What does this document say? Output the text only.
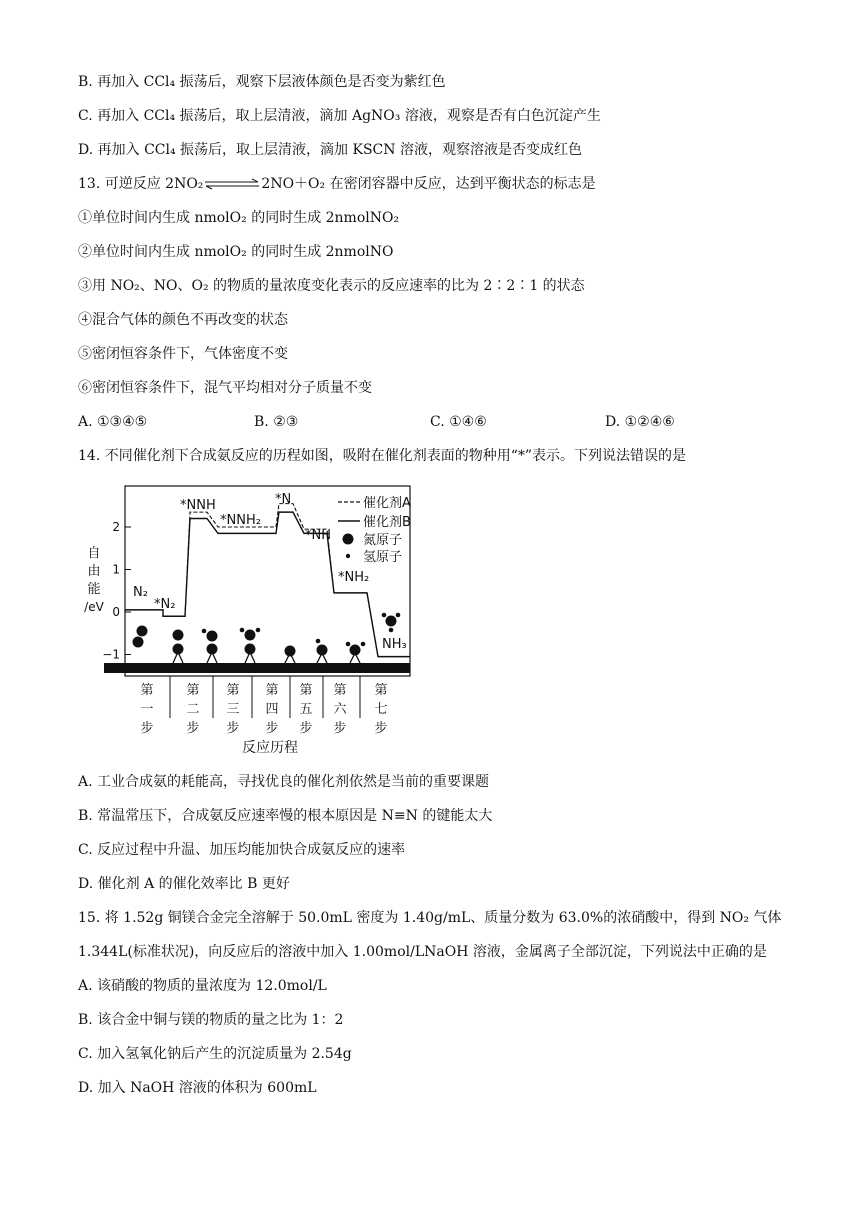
B. 再加入 CCl₄ 振荡后，观察下层液体颜色是否变为紫红色
C. 再加入 CCl₄ 振荡后，取上层清液，滴加 AgNO₃ 溶液，观察是否有白色沉淀产生
D. 再加入 CCl₄ 振荡后，取上层清液，滴加 KSCN 溶液，观察溶液是否变成红色
13. 可逆反应 2NO₂⇌2NO＋O₂ 在密闭容器中反应，达到平衡状态的标志是
①单位时间内生成 nmolO₂ 的同时生成 2nmolNO₂
②单位时间内生成 nmolO₂ 的同时生成 2nmolNO
③用 NO₂、NO、O₂ 的物质的量浓度变化表示的反应速率的比为 2∶2∶1 的状态
④混合气体的颜色不再改变的状态
⑤密闭恒容条件下，气体密度不变
⑥密闭恒容条件下，混气平均相对分子质量不变
A. ①③④⑤	B. ②③	C. ①④⑥	D. ①②④⑥
14. 不同催化剂下合成氨反应的历程如图，吸附在催化剂表面的物种用“*”表示。下列说法错误的是
2
1
0
−1
第
一
步
第
二
步
第
三
步
第
四
步
第
五
步
第
六
步
第
七
步
N₂
*N₂
*NNH
*NNH₂
*N
*NH
*NH₂
NH₃
催化剂A
催化剂B
氮原子
氢原子
反应历程
自
由
能
/eV
A. 工业合成氨的耗能高，寻找优良的催化剂依然是当前的重要课题
B. 常温常压下，合成氨反应速率慢的根本原因是 N≡N 的键能太大
C. 反应过程中升温、加压均能加快合成氨反应的速率
D. 催化剂 A 的催化效率比 B 更好
15. 将 1.52g 铜镁合金完全溶解于 50.0mL 密度为 1.40g/mL、质量分数为 63.0%的浓硝酸中，得到 NO₂ 气体
1.344L(标准状况)，向反应后的溶液中加入 1.00mol/LNaOH 溶液，金属离子全部沉淀，下列说法中正确的是
A. 该硝酸的物质的量浓度为 12.0mol/L
B. 该合金中铜与镁的物质的量之比为 1：2
C. 加入氢氧化钠后产生的沉淀质量为 2.54g
D. 加入 NaOH 溶液的体积为 600mL
